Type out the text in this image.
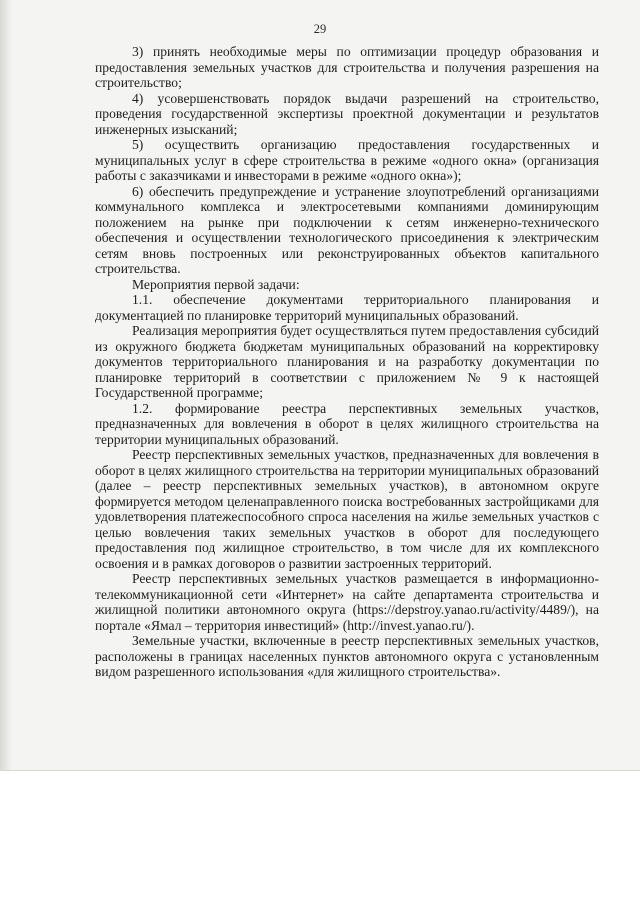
29

3) принять необходимые меры по оптимизации процедур образования и предоставления земельных участков для строительства и получения разрешения на строительство;

4) усовершенствовать порядок выдачи разрешений на строительство, проведения государственной экспертизы проектной документации и результатов инженерных изысканий;

5) осуществить организацию предоставления государственных и муниципальных услуг в сфере строительства в режиме «одного окна» (организация работы с заказчиками и инвесторами в режиме «одного окна»);

6) обеспечить предупреждение и устранение злоупотреблений организациями коммунального комплекса и электросетевыми компаниями доминирующим положением на рынке при подключении к сетям инженерно-технического обеспечения и осуществлении технологического присоединения к электрическим сетям вновь построенных или реконструированных объектов капитального строительства.

Мероприятия первой задачи:

1.1. обеспечение документами территориального планирования и документацией по планировке территорий муниципальных образований.

Реализация мероприятия будет осуществляться путем предоставления субсидий из окружного бюджета бюджетам муниципальных образований на корректировку документов территориального планирования и на разработку документации по планировке территорий в соответствии с приложением № 9 к настоящей Государственной программе;

1.2. формирование реестра перспективных земельных участков, предназначенных для вовлечения в оборот в целях жилищного строительства на территории муниципальных образований.

Реестр перспективных земельных участков, предназначенных для вовлечения в оборот в целях жилищного строительства на территории муниципальных образований (далее – реестр перспективных земельных участков), в автономном округе формируется методом целенаправленного поиска востребованных застройщиками для удовлетворения платежеспособного спроса населения на жилье земельных участков с целью вовлечения таких земельных участков в оборот для последующего предоставления под жилищное строительство, в том числе для их комплексного освоения и в рамках договоров о развитии застроенных территорий.

Реестр перспективных земельных участков размещается в информационно-телекоммуникационной сети «Интернет» на сайте департамента строительства и жилищной политики автономного округа (https://depstroy.yanao.ru/activity/4489/), на портале «Ямал – территория инвестиций» (http://invest.yanao.ru/).

Земельные участки, включенные в реестр перспективных земельных участков, расположены в границах населенных пунктов автономного округа с установленным видом разрешенного использования «для жилищного строительства».
